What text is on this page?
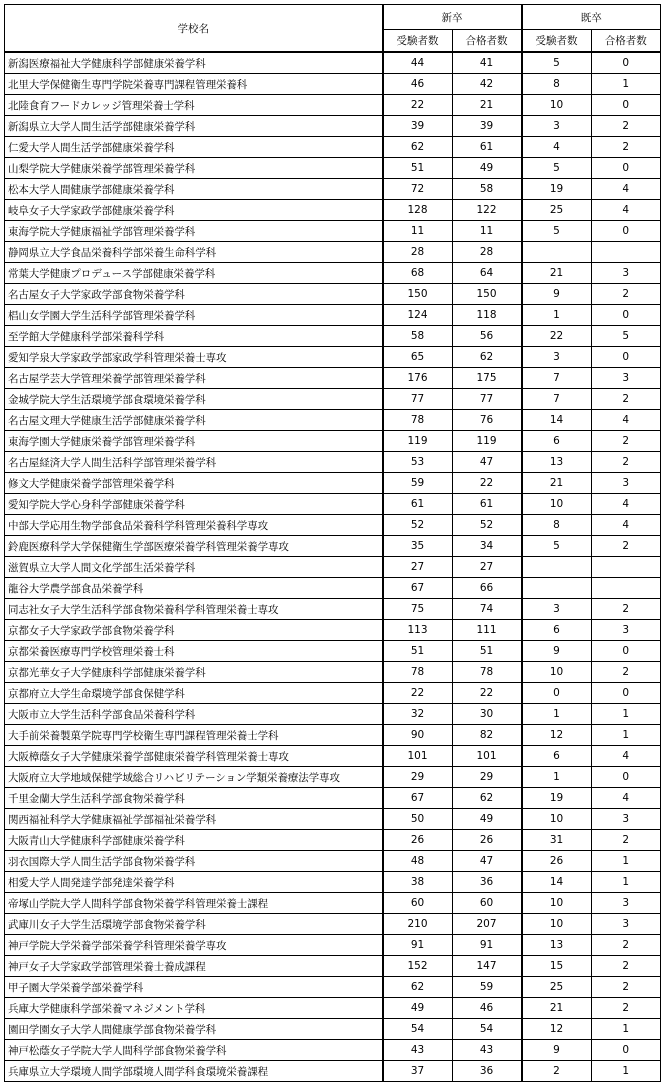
学校名	新卒		既卒	
	受験者数	合格者数	受験者数	合格者数
新潟医療福祉大学健康科学部健康栄養学科	44	41	5	0
北里大学保健衛生専門学院栄養専門課程管理栄養科	46	42	8	1
北陸食育フードカレッジ管理栄養士学科	22	21	10	0
新潟県立大学人間生活学部健康栄養学科	39	39	3	2
仁愛大学人間生活学部健康栄養学科	62	61	4	2
山梨学院大学健康栄養学部管理栄養学科	51	49	5	0
松本大学人間健康学部健康栄養学科	72	58	19	4
岐阜女子大学家政学部健康栄養学科	128	122	25	4
東海学院大学健康福祉学部管理栄養学科	11	11	5	0
静岡県立大学食品栄養科学部栄養生命科学科	28	28		
常葉大学健康プロデュース学部健康栄養学科	68	64	21	3
名古屋女子大学家政学部食物栄養学科	150	150	9	2
椙山女学園大学生活科学部管理栄養学科	124	118	1	0
至学館大学健康科学部栄養科学科	58	56	22	5
愛知学泉大学家政学部家政学科管理栄養士専攻	65	62	3	0
名古屋学芸大学管理栄養学部管理栄養学科	176	175	7	3
金城学院大学生活環境学部食環境栄養学科	77	77	7	2
名古屋文理大学健康生活学部健康栄養学科	78	76	14	4
東海学園大学健康栄養学部管理栄養学科	119	119	6	2
名古屋経済大学人間生活科学部管理栄養学科	53	47	13	2
修文大学健康栄養学部管理栄養学科	59	22	21	3
愛知学院大学心身科学部健康栄養学科	61	61	10	4
中部大学応用生物学部食品栄養科学科管理栄養科学専攻	52	52	8	4
鈴鹿医療科学大学保健衛生学部医療栄養学科管理栄養学専攻	35	34	5	2
滋賀県立大学人間文化学部生活栄養学科	27	27		
龍谷大学農学部食品栄養学科	67	66		
同志社女子大学生活科学部食物栄養科学科管理栄養士専攻	75	74	3	2
京都女子大学家政学部食物栄養学科	113	111	6	3
京都栄養医療専門学校管理栄養士科	51	51	9	0
京都光華女子大学健康科学部健康栄養学科	78	78	10	2
京都府立大学生命環境学部食保健学科	22	22	0	0
大阪市立大学生活科学部食品栄養科学科	32	30	1	1
大手前栄養製菓学院専門学校衛生専門課程管理栄養士学科	90	82	12	1
大阪樟蔭女子大学健康栄養学部健康栄養学科管理栄養士専攻	101	101	6	4
大阪府立大学地域保健学域総合リハビリテーション学類栄養療法学専攻	29	29	1	0
千里金蘭大学生活科学部食物栄養学科	67	62	19	4
関西福祉科学大学健康福祉学部福祉栄養学科	50	49	10	3
大阪青山大学健康科学部健康栄養学科	26	26	31	2
羽衣国際大学人間生活学部食物栄養学科	48	47	26	1
相愛大学人間発達学部発達栄養学科	38	36	14	1
帝塚山学院大学人間科学部食物栄養学科管理栄養士課程	60	60	10	3
武庫川女子大学生活環境学部食物栄養学科	210	207	10	3
神戸学院大学栄養学部栄養学科管理栄養学専攻	91	91	13	2
神戸女子大学家政学部管理栄養士養成課程	152	147	15	2
甲子園大学栄養学部栄養学科	62	59	25	2
兵庫大学健康科学部栄養マネジメント学科	49	46	21	2
園田学園女子大学人間健康学部食物栄養学科	54	54	12	1
神戸松蔭女子学院大学人間科学部食物栄養学科	43	43	9	0
兵庫県立大学環境人間学部環境人間学科食環境栄養課程	37	36	2	1
